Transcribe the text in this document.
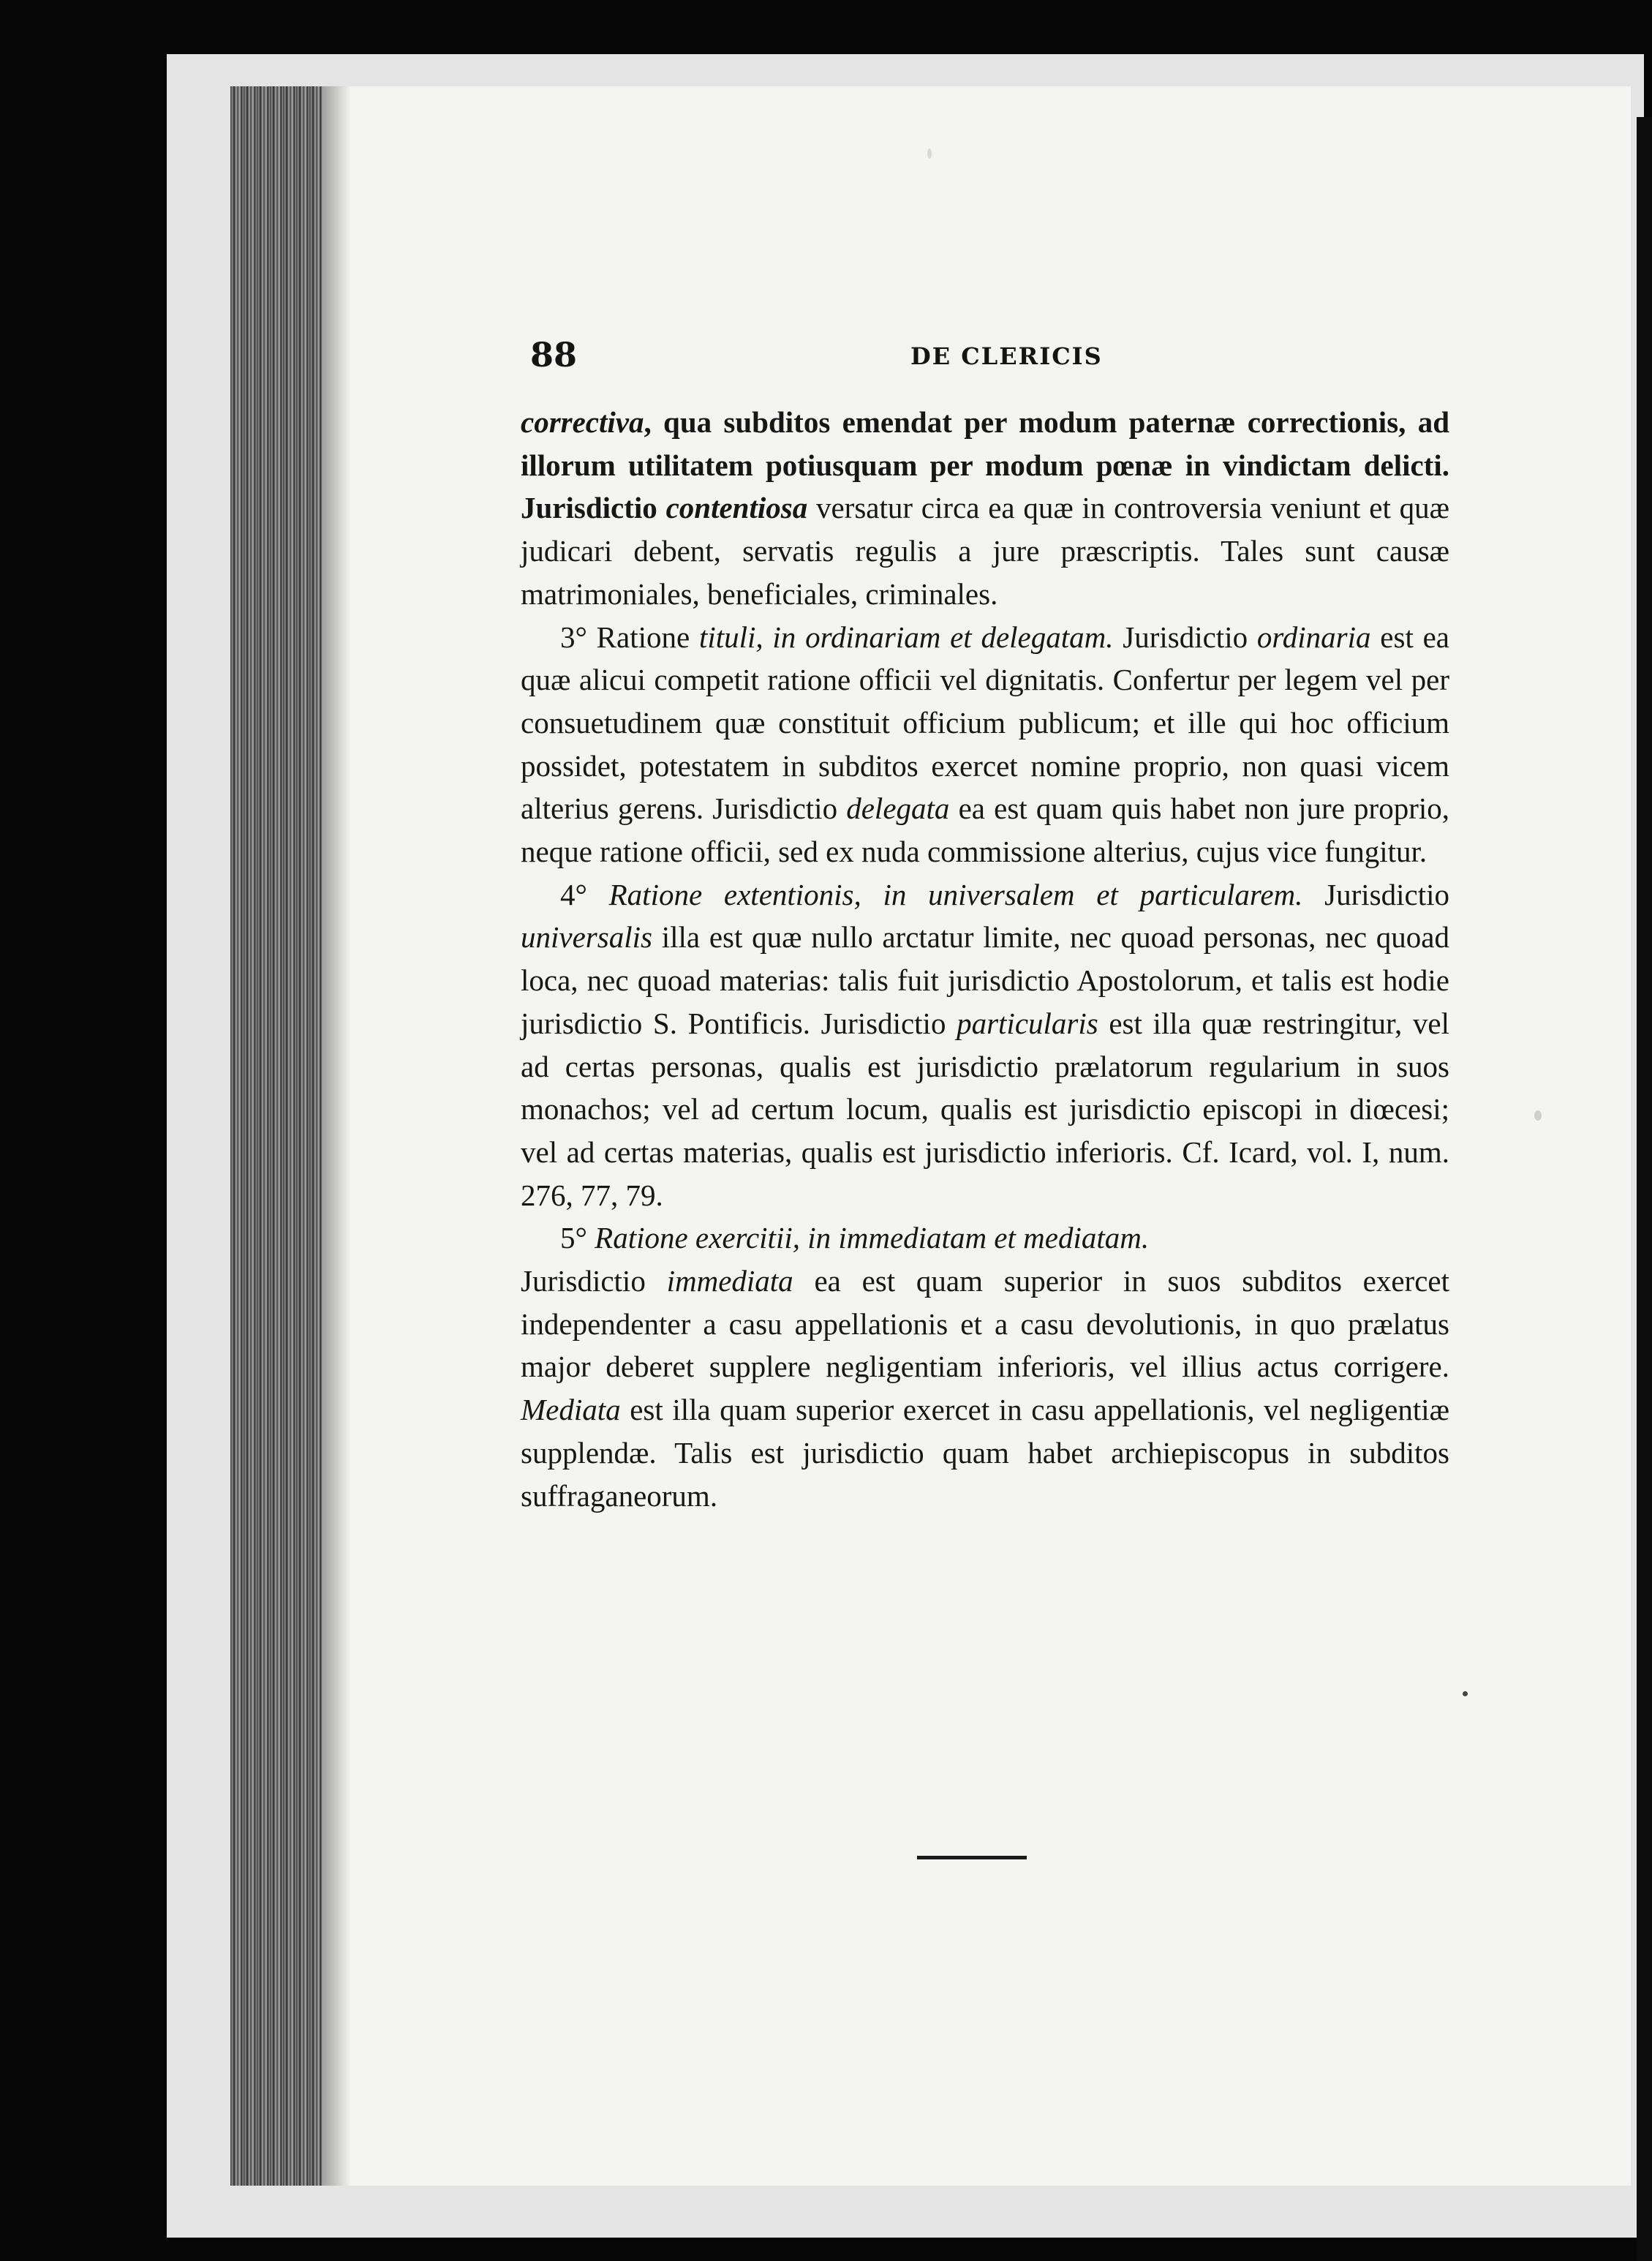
88	DE CLERICIS

correctiva, qua subditos emendat per modum paternæ correctionis, ad illorum utilitatem potiusquam per modum pœnæ in vindictam delicti. Jurisdictio contentiosa versatur circa ea quæ in controversia veniunt et quæ judicari debent, servatis regulis a jure præscriptis. Tales sunt causæ matrimoniales, beneficiales, criminales.

3° Ratione tituli, in ordinariam et delegatam. Jurisdictio ordinaria est ea quæ alicui competit ratione officii vel dignitatis. Confertur per legem vel per consuetudinem quæ constituit officium publicum; et ille qui hoc officium possidet, potestatem in subditos exercet nomine proprio, non quasi vicem alterius gerens. Jurisdictio delegata ea est quam quis habet non jure proprio, neque ratione officii, sed ex nuda commissione alterius, cujus vice fungitur.

4° Ratione extentionis, in universalem et particularem. Jurisdictio universalis illa est quæ nullo arctatur limite, nec quoad personas, nec quoad loca, nec quoad materias: talis fuit jurisdictio Apostolorum, et talis est hodie jurisdictio S. Pontificis. Jurisdictio particularis est illa quæ restringitur, vel ad certas personas, qualis est jurisdictio prælatorum regularium in suos monachos; vel ad certum locum, qualis est jurisdictio episcopi in diœcesi; vel ad certas materias, qualis est jurisdictio inferioris. Cf. Icard, vol. I, num. 276, 77, 79.

5° Ratione exercitii, in immediatam et mediatam.

Jurisdictio immediata ea est quam superior in suos subditos exercet independenter a casu appellationis et a casu devolutionis, in quo prælatus major deberet supplere negligentiam inferioris, vel illius actus corrigere. Mediata est illa quam superior exercet in casu appellationis, vel negligentiæ supplendæ. Talis est jurisdictio quam habet archiepiscopus in subditos suffraganeorum.
